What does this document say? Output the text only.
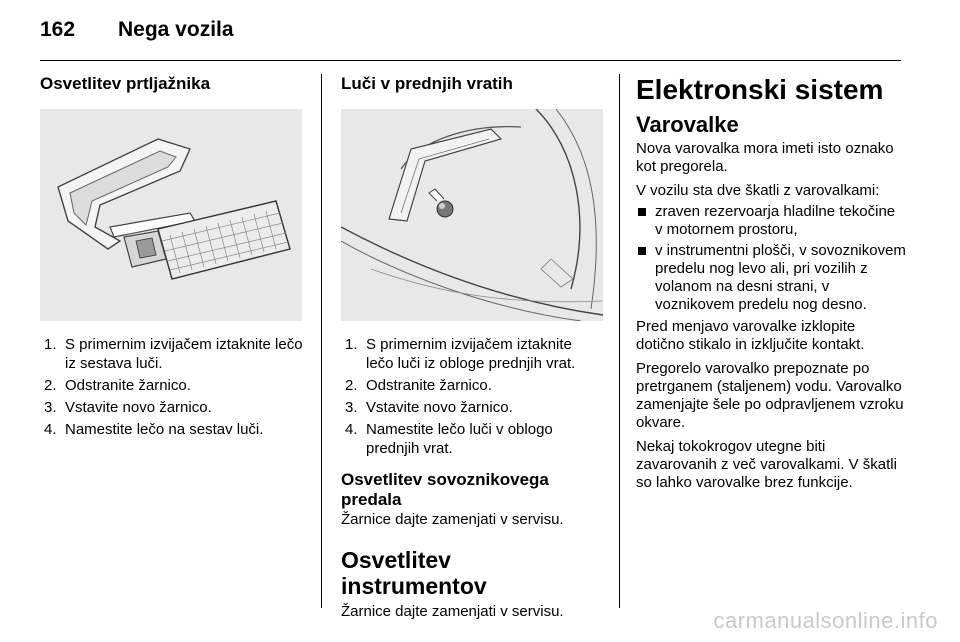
162 Nega vozila
Osvetlitev prtljažnika
1. S primernim izvijačem iztaknite lečo iz sestava luči.
2. Odstranite žarnico.
3. Vstavite novo žarnico.
4. Namestite lečo na sestav luči.
Luči v prednjih vratih
1. S primernim izvijačem iztaknite lečo luči iz obloge prednjih vrat.
2. Odstranite žarnico.
3. Vstavite novo žarnico.
4. Namestite lečo luči v oblogo prednjih vrat.
Osvetlitev sovoznikovega predala
Žarnice dajte zamenjati v servisu.
Osvetlitev instrumentov
Žarnice dajte zamenjati v servisu.
Elektronski sistem
Varovalke
Nova varovalka mora imeti isto oznako kot pregorela.
V vozilu sta dve škatli z varovalkami:
zraven rezervoarja hladilne tekočine v motornem prostoru,
v instrumentni plošči, v sovoznikovem predelu nog levo ali, pri vozilih z volanom na desni strani, v voznikovem predelu nog desno.
Pred menjavo varovalke izklopite dotično stikalo in izključite kontakt.
Pregorelo varovalko prepoznate po pretrganem (staljenem) vodu. Varovalko zamenjajte šele po odpravljenem vzroku okvare.
Nekaj tokokrogov utegne biti zavarovanih z več varovalkami. V škatli so lahko varovalke brez funkcije.
carmanualsonline.info
